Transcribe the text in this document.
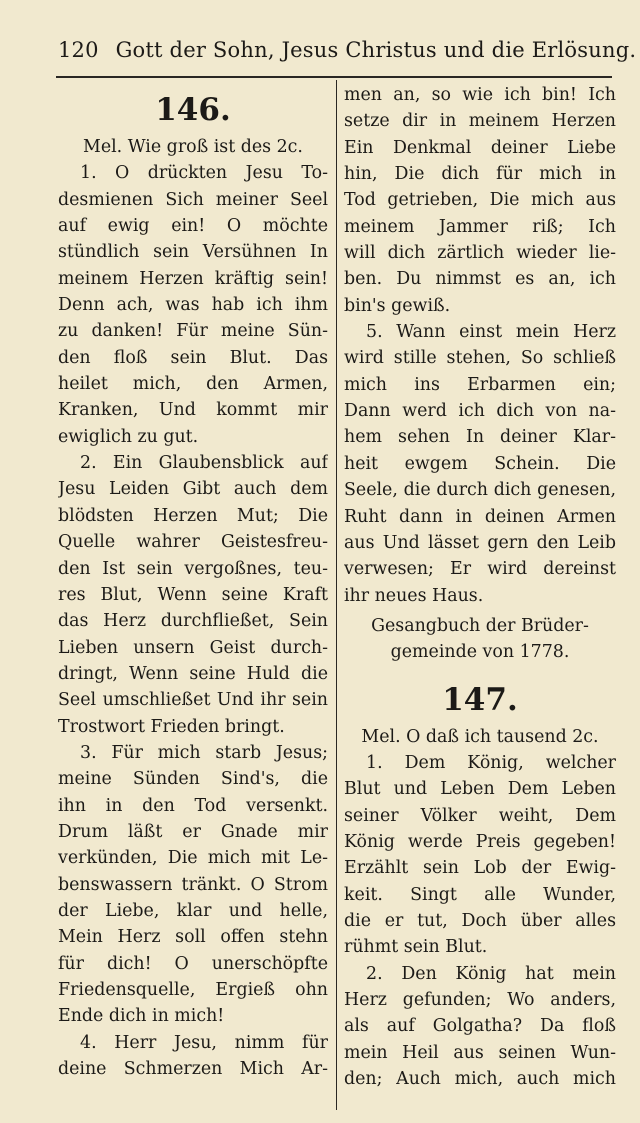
120 Gott der Sohn, Jesus Christus und die Erlösung.
146.
Mel. Wie groß ist des 2c.
1. O drückten Jesu To-
desmienen Sich meiner Seel
auf ewig ein! O möchte
stündlich sein Versühnen In
meinem Herzen kräftig sein!
Denn ach, was hab ich ihm
zu danken! Für meine Sün-
den floß sein Blut. Das
heilet mich, den Armen,
Kranken, Und kommt mir
ewiglich zu gut.
2. Ein Glaubensblick auf
Jesu Leiden Gibt auch dem
blödsten Herzen Mut; Die
Quelle wahrer Geistesfreu-
den Ist sein vergoßnes, teu-
res Blut, Wenn seine Kraft
das Herz durchfließet, Sein
Lieben unsern Geist durch-
dringt, Wenn seine Huld die
Seel umschließet Und ihr sein
Trostwort Frieden bringt.
3. Für mich starb Jesus;
meine Sünden Sind's, die
ihn in den Tod versenkt.
Drum läßt er Gnade mir
verkünden, Die mich mit Le-
benswassern tränkt. O Strom
der Liebe, klar und helle,
Mein Herz soll offen stehn
für dich! O unerschöpfte
Friedensquelle, Ergieß ohn
Ende dich in mich!
4. Herr Jesu, nimm für
deine Schmerzen Mich Ar-
men an, so wie ich bin! Ich
setze dir in meinem Herzen
Ein Denkmal deiner Liebe
hin, Die dich für mich in
Tod getrieben, Die mich aus
meinem Jammer riß; Ich
will dich zärtlich wieder lie-
ben. Du nimmst es an, ich
bin's gewiß.
5. Wann einst mein Herz
wird stille stehen, So schließ
mich ins Erbarmen ein;
Dann werd ich dich von na-
hem sehen In deiner Klar-
heit ewgem Schein. Die
Seele, die durch dich genesen,
Ruht dann in deinen Armen
aus Und lässet gern den Leib
verwesen; Er wird dereinst
ihr neues Haus.
Gesangbuch der Brüder-
gemeinde von 1778.
147.
Mel. O daß ich tausend 2c.
1. Dem König, welcher
Blut und Leben Dem Leben
seiner Völker weiht, Dem
König werde Preis gegeben!
Erzählt sein Lob der Ewig-
keit. Singt alle Wunder,
die er tut, Doch über alles
rühmt sein Blut.
2. Den König hat mein
Herz gefunden; Wo anders,
als auf Golgatha? Da floß
mein Heil aus seinen Wun-
den; Auch mich, auch mich
